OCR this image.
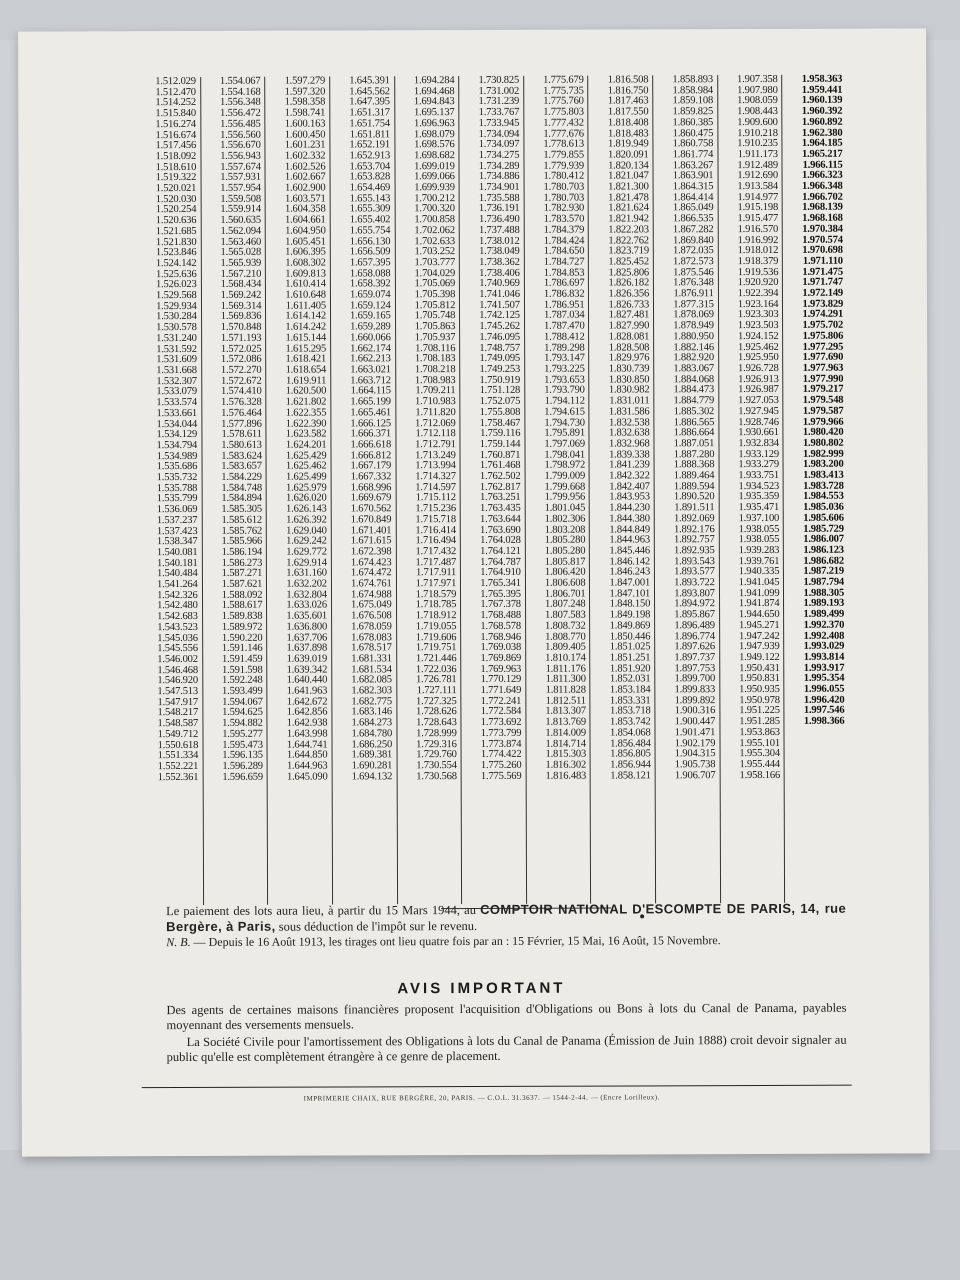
1.512.029
1.512.470
1.514.252
1.515.840
1.516.274
1.516.674
1.517.456
1.518.092
1.518.610
1.519.322
1.520.021
1.520.030
1.520.254
1.520.636
1.521.685
1.521.830
1.523.846
1.524.142
1.525.636
1.526.023
1.529.568
1.529.934
1.530.284
1.530.578
1.531.240
1.531.592
1.531.609
1.531.668
1.532.307
1.533.079
1.533.574
1.533.661
1.534.044
1.534.129
1.534.794
1.534.989
1.535.686
1.535.732
1.535.788
1.535.799
1.536.069
1.537.237
1.537.423
1.538.347
1.540.081
1.540.181
1.540.484
1.541.264
1.542.326
1.542.480
1.542.683
1.543.523
1.545.036
1.545.556
1.546.002
1.546.468
1.546.920
1.547.513
1.547.917
1.548.217
1.548.587
1.549.712
1.550.618
1.551.334
1.552.221
1.552.361
1.554.067
1.554.168
1.556.348
1.556.472
1.556.485
1.556.560
1.556.670
1.556.943
1.557.674
1.557.931
1.557.954
1.559.508
1.559.914
1.560.635
1.562.094
1.563.460
1.565.028
1.565.939
1.567.210
1.568.434
1.569.242
1.569.314
1.569.836
1.570.848
1.571.193
1.572.025
1.572.086
1.572.270
1.572.672
1.574.410
1.576.328
1.576.464
1.577.896
1.578.611
1.580.613
1.583.624
1.583.657
1.584.229
1.584.748
1.584.894
1.585.305
1.585.612
1.585.762
1.585.966
1.586.194
1.586.273
1.587.271
1.587.621
1.588.092
1.588.617
1.589.838
1.589.972
1.590.220
1.591.146
1.591.459
1.591.598
1.592.248
1.593.499
1.594.067
1.594.625
1.594.882
1.595.277
1.595.473
1.596.135
1.596.289
1.596.659
1.597.279
1.597.320
1.598.358
1.598.741
1.600.163
1.600.450
1.601.231
1.602.332
1.602.526
1.602.667
1.602.900
1.603.571
1.604.358
1.604.661
1.604.950
1.605.451
1.606.395
1.608.302
1.609.813
1.610.414
1.610.648
1.611.405
1.614.142
1.614.242
1.615.144
1.615.295
1.618.421
1.618.654
1.619.911
1.620.500
1.621.802
1.622.355
1.622.390
1.623.582
1.624.201
1.625.429
1.625.462
1.625.499
1.625.979
1.626.020
1.626.143
1.626.392
1.629.040
1.629.242
1.629.772
1.629.914
1.631.160
1.632.202
1.632.804
1.633.026
1.635.601
1.636.800
1.637.706
1.637.898
1.639.019
1.639.342
1.640.440
1.641.963
1.642.672
1.642.856
1.642.938
1.643.998
1.644.741
1.644.850
1.644.963
1.645.090
1.645.391
1.645.562
1.647.395
1.651.317
1.651.754
1.651.811
1.652.191
1.652.913
1.653.704
1.653.828
1.654.469
1.655.143
1.655.309
1.655.402
1.655.754
1.656.130
1.656.509
1.657.395
1.658.088
1.658.392
1.659.074
1.659.124
1.659.165
1.659.289
1.660.066
1.662.174
1.662.213
1.663.021
1.663.712
1.664.115
1.665.199
1.665.461
1.666.125
1.666.371
1.666.618
1.666.812
1.667.179
1.667.332
1.668.996
1.669.679
1.670.562
1.670.849
1.671.401
1.671.615
1.672.398
1.674.423
1.674.472
1.674.761
1.674.988
1.675.049
1.676.508
1.678.059
1.678.083
1.678.517
1.681.331
1.681.534
1.682.085
1.682.303
1.682.775
1.683.146
1.684.273
1.684.780
1.686.250
1.689.381
1.690.281
1.694.132
1.694.284
1.694.468
1.694.843
1.695.137
1.696.963
1.698.079
1.698.576
1.698.682
1.699.019
1.699.066
1.699.939
1.700.212
1.700.320
1.700.858
1.702.062
1.702.633
1.703.252
1.703.777
1.704.029
1.705.069
1.705.398
1.705.812
1.705.748
1.705.863
1.705.937
1.708.116
1.708.183
1.708.218
1.708.983
1.709.211
1.710.983
1.711.820
1.712.069
1.712.118
1.712.791
1.713.249
1.713.994
1.714.327
1.714.597
1.715.112
1.715.236
1.715.718
1.716.414
1.716.494
1.717.432
1.717.487
1.717.911
1.717.971
1.718.579
1.718.785
1.718.912
1.719.055
1.719.606
1.719.751
1.721.446
1.722.036
1.726.781
1.727.111
1.727.325
1.728.626
1.728.643
1.728.999
1.729.316
1.729.760
1.730.554
1.730.568
1.730.825
1.731.002
1.731.239
1.733.767
1.733.945
1.734.094
1.734.097
1.734.275
1.734.289
1.734.886
1.734.901
1.735.588
1.736.191
1.736.490
1.737.488
1.738.012
1.738.049
1.738.362
1.738.406
1.740.969
1.741.046
1.741.507
1.742.125
1.745.262
1.746.095
1.748.757
1.749.095
1.749.253
1.750.919
1.751.128
1.752.075
1.755.808
1.758.467
1.759.116
1.759.144
1.760.871
1.761.468
1.762.502
1.762.817
1.763.251
1.763.435
1.763.644
1.763.690
1.764.028
1.764.121
1.764.787
1.764.910
1.765.341
1.765.395
1.767.378
1.768.488
1.768.578
1.768.946
1.769.038
1.769.869
1.769.963
1.770.129
1.771.649
1.772.241
1.772.584
1.773.692
1.773.799
1.773.874
1.774.422
1.775.260
1.775.569
1.775.679
1.775.735
1.775.760
1.775.803
1.777.432
1.777.676
1.778.613
1.779.855
1.779.939
1.780.412
1.780.703
1.780.703
1.782.930
1.783.570
1.784.379
1.784.424
1.784.650
1.784.727
1.784.853
1.786.697
1.786.832
1.786.951
1.787.034
1.787.470
1.788.412
1.789.298
1.793.147
1.793.225
1.793.653
1.793.790
1.794.112
1.794.615
1.794.730
1.795.891
1.797.069
1.798.041
1.798.972
1.799.009
1.799.668
1.799.956
1.801.045
1.802.306
1.803.208
1.805.280
1.805.280
1.805.817
1.806.420
1.806.608
1.806.701
1.807.248
1.807.583
1.808.732
1.808.770
1.809.405
1.810.174
1.811.176
1.811.300
1.811.828
1.812.511
1.813.307
1.813.769
1.814.009
1.814.714
1.815.303
1.816.302
1.816.483
1.816.508
1.816.750
1.817.463
1.817.550
1.818.408
1.818.483
1.819.949
1.820.091
1.820.134
1.821.047
1.821.300
1.821.478
1.821.624
1.821.942
1.822.203
1.822.762
1.823.719
1.825.452
1.825.806
1.826.182
1.826.356
1.826.733
1.827.481
1.827.990
1.828.081
1.828.508
1.829.976
1.830.739
1.830.850
1.830.982
1.831.011
1.831.586
1.832.538
1.832.638
1.832.968
1.839.338
1.841.239
1.842.322
1.842.407
1.843.953
1.844.230
1.844.380
1.844.849
1.844.963
1.845.446
1.846.142
1.846.243
1.847.001
1.847.101
1.848.150
1.849.198
1.849.869
1.850.446
1.851.025
1.851.251
1.851.920
1.852.031
1.853.184
1.853.331
1.853.718
1.853.742
1.854.068
1.856.484
1.856.805
1.856.944
1.858.121
1.858.893
1.858.984
1.859.108
1.859.825
1.860.385
1.860.475
1.860.758
1.861.774
1.863.267
1.863.901
1.864.315
1.864.414
1.865.049
1.866.535
1.867.282
1.869.840
1.872.035
1.872.573
1.875.546
1.876.348
1.876.911
1.877.315
1.878.069
1.878.949
1.880.950
1.882.146
1.882.920
1.883.067
1.884.068
1.884.473
1.884.779
1.885.302
1.886.565
1.886.664
1.887.051
1.887.280
1.888.368
1.889.464
1.889.594
1.890.520
1.891.511
1.892.069
1.892.176
1.892.757
1.892.935
1.893.543
1.893.577
1.893.722
1.893.807
1.894.972
1.895.867
1.896.489
1.896.774
1.897.626
1.897.737
1.897.753
1.899.700
1.899.833
1.899.892
1.900.316
1.900.447
1.901.471
1.902.179
1.904.315
1.905.738
1.906.707
1.907.358
1.907.980
1.908.059
1.908.443
1.909.600
1.910.218
1.910.235
1.911.173
1.912.489
1.912.690
1.913.584
1.914.977
1.915.198
1.915.477
1.916.570
1.916.992
1.918.012
1.918.379
1.919.536
1.920.920
1.922.394
1.923.164
1.923.303
1.923.503
1.924.152
1.925.462
1.925.950
1.926.728
1.926.913
1.926.987
1.927.053
1.927.945
1.928.746
1.930.661
1.932.834
1.933.129
1.933.279
1.933.751
1.934.523
1.935.359
1.935.471
1.937.100
1.938.055
1.938.055
1.939.283
1.939.761
1.940.335
1.941.045
1.941.099
1.941.874
1.944.650
1.945.271
1.947.242
1.947.939
1.949.122
1.950.431
1.950.831
1.950.935
1.950.978
1.951.225
1.951.285
1.953.863
1.955.101
1.955.304
1.955.444
1.958.166
1.958.363
1.959.441
1.960.139
1.960.392
1.960.892
1.962.380
1.964.185
1.965.217
1.966.115
1.966.323
1.966.348
1.966.702
1.968.139
1.968.168
1.970.384
1.970.574
1.970.698
1.971.110
1.971.475
1.971.747
1.972.149
1.973.829
1.974.291
1.975.702
1.975.806
1.977.295
1.977.690
1.977.963
1.977.990
1.979.217
1.979.548
1.979.587
1.979.966
1.980.420
1.980.802
1.982.999
1.983.200
1.983.413
1.983.728
1.984.553
1.985.036
1.985.606
1.985.729
1.986.007
1.986.123
1.986.682
1.987.219
1.987.794
1.988.305
1.989.193
1.989.499
1.992.370
1.992.408
1.993.029
1.993.814
1.993.917
1.995.354
1.996.055
1.996.420
1.997.546
1.998.366
Le paiement des lots aura lieu, à partir du 15 Mars 1944, au COMPTOIR NATIONAL D'ESCOMPTE DE PARIS, 14, rue Bergère, à Paris, sous déduction de l'impôt sur le revenu.
N. B. — Depuis le 16 Août 1913, les tirages ont lieu quatre fois par an : 15 Février, 15 Mai, 16 Août, 15 Novembre.
AVIS IMPORTANT
Des agents de certaines maisons financières proposent l'acquisition d'Obligations ou Bons à lots du Canal de Panama, payables moyennant des versements mensuels.
La Société Civile pour l'amortissement des Obligations à lots du Canal de Panama (Émission de Juin 1888) croit devoir signaler au public qu'elle est complètement étrangère à ce genre de placement.
IMPRIMERIE CHAIX, RUE BERGÈRE, 20, PARIS. — C.O.L. 31.3637. — 1544-2-44. — (Encre Lorilleux).
